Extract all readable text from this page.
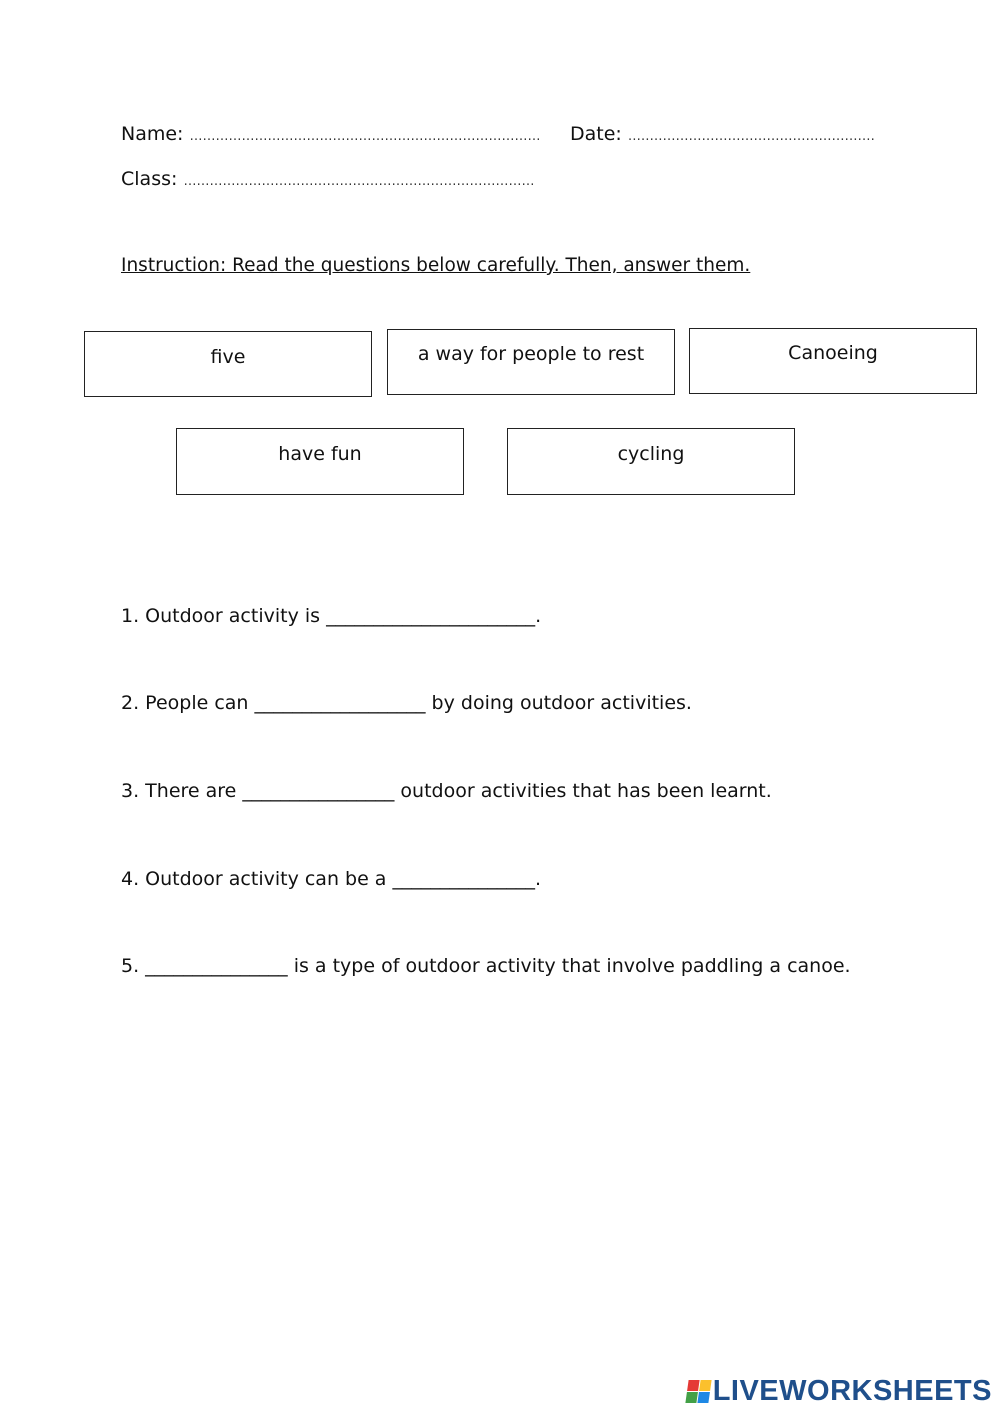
Name: ……………………………………………………………………… Date: …………………………………………………
Class: ………………………………………………………………………
Instruction: Read the questions below carefully. Then, answer them.
five	a way for people to rest	Canoeing
have fun	cycling
1. Outdoor activity is ______________________.
2. People can __________________ by doing outdoor activities.
3. There are ________________ outdoor activities that has been learnt.
4. Outdoor activity can be a _______________.
5. _______________ is a type of outdoor activity that involve paddling a canoe.
LIVEWORKSHEETS
